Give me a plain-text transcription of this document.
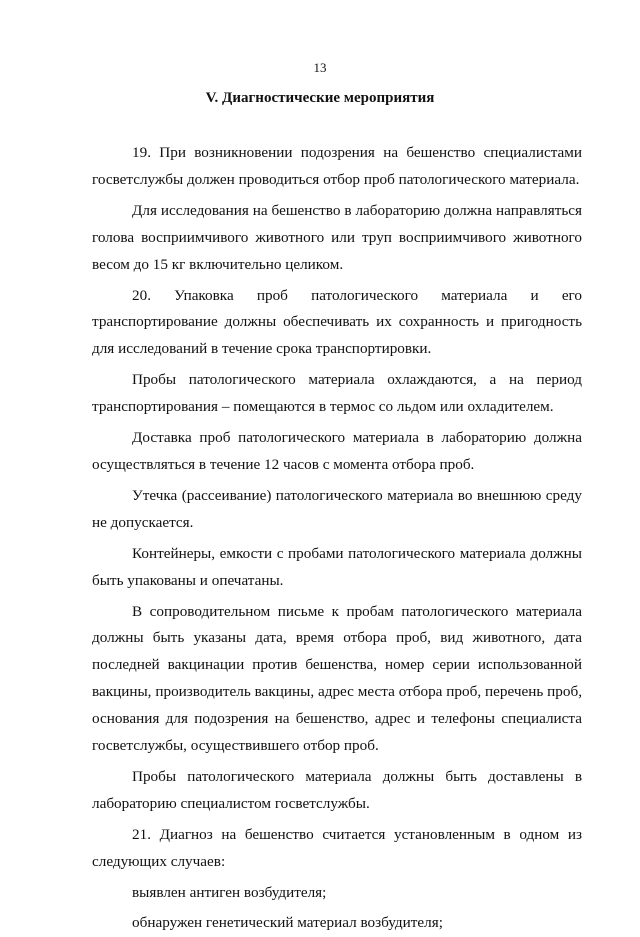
13
V. Диагностические мероприятия

19. При возникновении подозрения на бешенство специалистами госветслужбы должен проводиться отбор проб патологического материала.

Для исследования на бешенство в лабораторию должна направляться голова восприимчивого животного или труп восприимчивого животного весом до 15 кг включительно целиком.

20. Упаковка проб патологического материала и его транспортирование должны обеспечивать их сохранность и пригодность для исследований в течение срока транспортировки.

Пробы патологического материала охлаждаются, а на период транспортирования – помещаются в термос со льдом или охладителем.

Доставка проб патологического материала в лабораторию должна осуществляться в течение 12 часов с момента отбора проб.

Утечка (рассеивание) патологического материала во внешнюю среду не допускается.

Контейнеры, емкости с пробами патологического материала должны быть упакованы и опечатаны.

В сопроводительном письме к пробам патологического материала должны быть указаны дата, время отбора проб, вид животного, дата последней вакцинации против бешенства, номер серии использованной вакцины, производитель вакцины, адрес места отбора проб, перечень проб, основания для подозрения на бешенство, адрес и телефоны специалиста госветслужбы, осуществившего отбор проб.

Пробы патологического материала должны быть доставлены в лабораторию специалистом госветслужбы.

21. Диагноз на бешенство считается установленным в одном из следующих случаев:

выявлен антиген возбудителя;

обнаружен генетический материал возбудителя;
